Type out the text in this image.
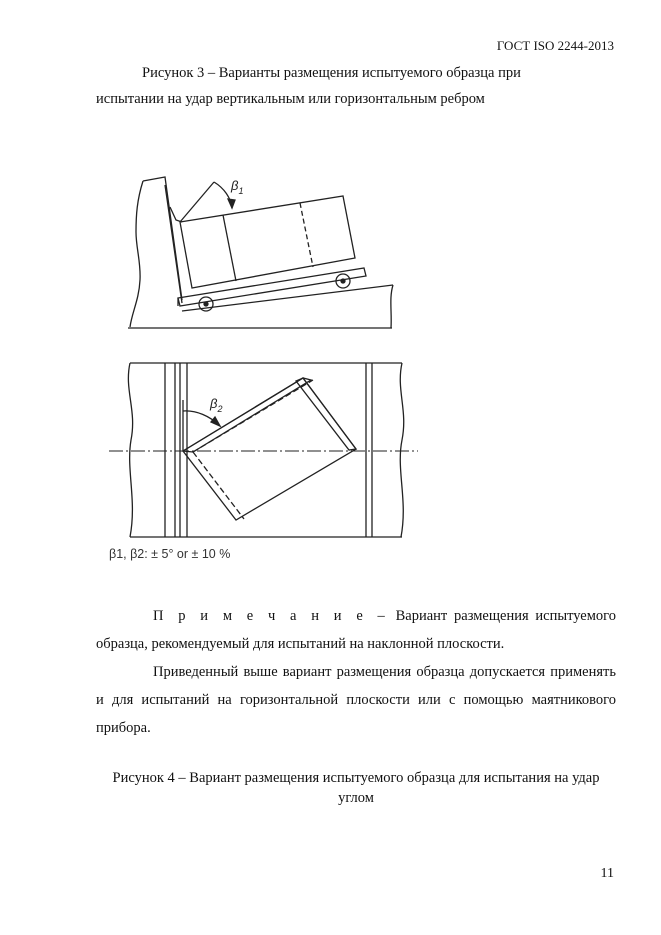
ГОСТ ISO 2244-2013
Рисунок 3 – Варианты размещения испытуемого образца при
испытании на удар вертикальным или горизонтальным ребром
$\beta_1$
$\beta_2$
β1, β2: ± 5° or ± 10 %
П р и м е ч а н и е – Вариант размещения испытуемого образца, рекомендуемый для испытаний на наклонной плоскости.
Приведенный выше вариант размещения образца допускается применять и для испытаний на горизонтальной плоскости или с помощью маятникового прибора.
Рисунок 4 – Вариант размещения испытуемого образца для испытания на удар углом
11
